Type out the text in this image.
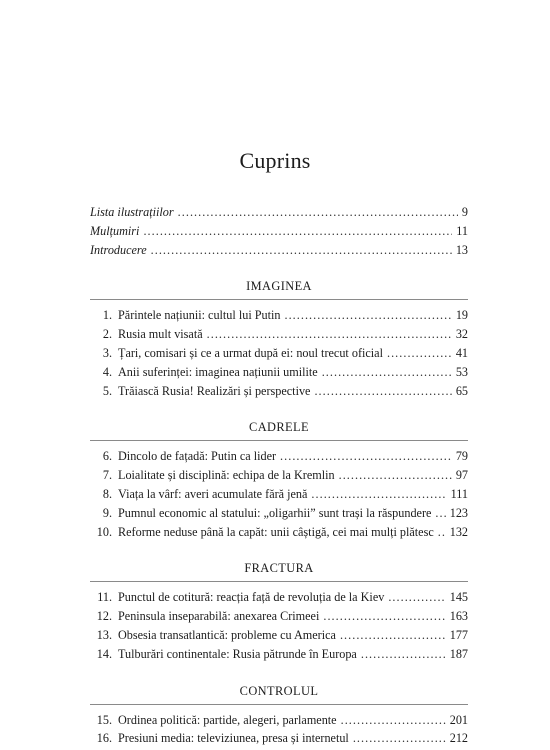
Cuprins
Lista ilustrațiilor . . .	9
Mulțumiri . . .	11
Introducere . . .	13
IMAGINEA
1. Părintele națiunii: cultul lui Putin . . .	19
2. Rusia mult visată . . .	32
3. Țari, comisari și ce a urmat după ei: noul trecut oficial . . .	41
4. Anii suferinței: imaginea națiunii umilite . . .	53
5. Trăiască Rusia! Realizări și perspective . . .	65
CADRELE
6. Dincolo de fațadă: Putin ca lider . . .	79
7. Loialitate și disciplină: echipa de la Kremlin . . .	97
8. Viața la vârf: averi acumulate fără jenă . . .	111
9. Pumnul economic al statului: „oligarhii” sunt trași la răspundere . . . 123
10. Reforme neduse până la capăt: unii câștigă, cei mai mulți plătesc . . . 132
FRACTURA
11. Punctul de cotitură: reacția față de revoluția de la Kiev . . .	145
12. Peninsula inseparabilă: anexarea Crimeei . . .	163
13. Obsesia transatlantică: probleme cu America . . .	177
14. Tulburări continentale: Rusia pătrunde în Europa . . .	187
CONTROLUL
15. Ordinea politică: partide, alegeri, parlamente . . .	201
16. Presiuni media: televiziunea, presa și internetul . . .	212
